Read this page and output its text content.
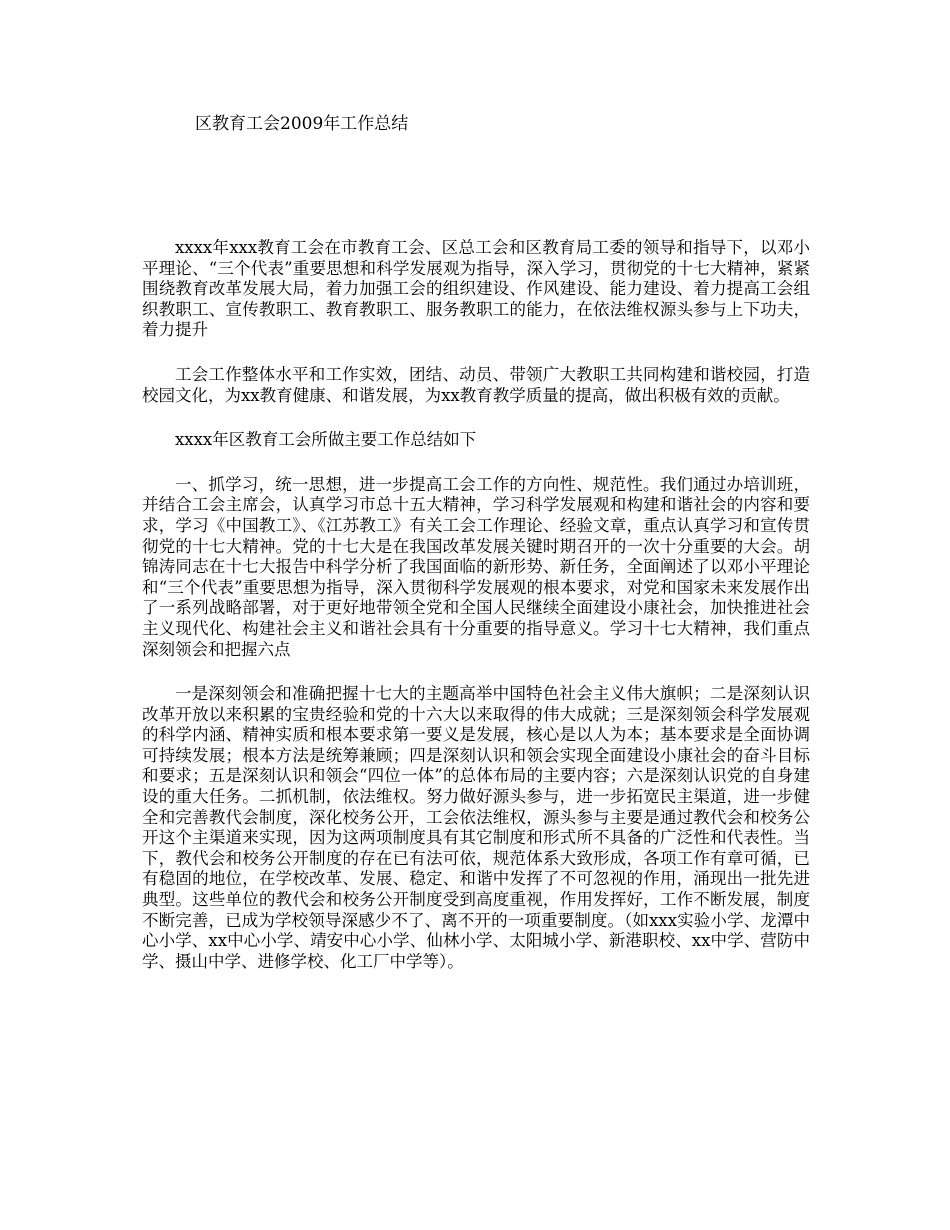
区教育工会2009年工作总结

xxxx年xxx教育工会在市教育工会、区总工会和区教育局工委的领导和指导下，以邓小平理论、“三个代表”重要思想和科学发展观为指导，深入学习，贯彻党的十七大精神，紧紧围绕教育改革发展大局，着力加强工会的组织建设、作风建设、能力建设、着力提高工会组织教职工、宣传教职工、教育教职工、服务教职工的能力，在依法维权源头参与上下功夫，着力提升

工会工作整体水平和工作实效，团结、动员、带领广大教职工共同构建和谐校园，打造校园文化，为xx教育健康、和谐发展，为xx教育教学质量的提高，做出积极有效的贡献。

xxxx年区教育工会所做主要工作总结如下

一、抓学习，统一思想，进一步提高工会工作的方向性、规范性。我们通过办培训班，并结合工会主席会，认真学习市总十五大精神，学习科学发展观和构建和谐社会的内容和要求，学习《中国教工》、《江苏教工》有关工会工作理论、经验文章，重点认真学习和宣传贯彻党的十七大精神。党的十七大是在我国改革发展关键时期召开的一次十分重要的大会。胡锦涛同志在十七大报告中科学分析了我国面临的新形势、新任务，全面阐述了以邓小平理论和“三个代表”重要思想为指导，深入贯彻科学发展观的根本要求，对党和国家未来发展作出了一系列战略部署，对于更好地带领全党和全国人民继续全面建设小康社会，加快推进社会主义现代化、构建社会主义和谐社会具有十分重要的指导意义。学习十七大精神，我们重点深刻领会和把握六点

一是深刻领会和准确把握十七大的主题高举中国特色社会主义伟大旗帜；二是深刻认识改革开放以来积累的宝贵经验和党的十六大以来取得的伟大成就；三是深刻领会科学发展观的科学内涵、精神实质和根本要求第一要义是发展，核心是以人为本；基本要求是全面协调可持续发展；根本方法是统筹兼顾；四是深刻认识和领会实现全面建设小康社会的奋斗目标和要求；五是深刻认识和领会“四位一体”的总体布局的主要内容；六是深刻认识党的自身建设的重大任务。二抓机制，依法维权。努力做好源头参与，进一步拓宽民主渠道，进一步健全和完善教代会制度，深化校务公开，工会依法维权，源头参与主要是通过教代会和校务公开这个主渠道来实现，因为这两项制度具有其它制度和形式所不具备的广泛性和代表性。当下，教代会和校务公开制度的存在已有法可依，规范体系大致形成，各项工作有章可循，已有稳固的地位，在学校改革、发展、稳定、和谐中发挥了不可忽视的作用，涌现出一批先进典型。这些单位的教代会和校务公开制度受到高度重视，作用发挥好，工作不断发展，制度不断完善，已成为学校领导深感少不了、离不开的一项重要制度。（如xxx实验小学、龙潭中心小学、xx中心小学、靖安中心小学、仙林小学、太阳城小学、新港职校、xx中学、营防中学、摄山中学、进修学校、化工厂中学等）。
